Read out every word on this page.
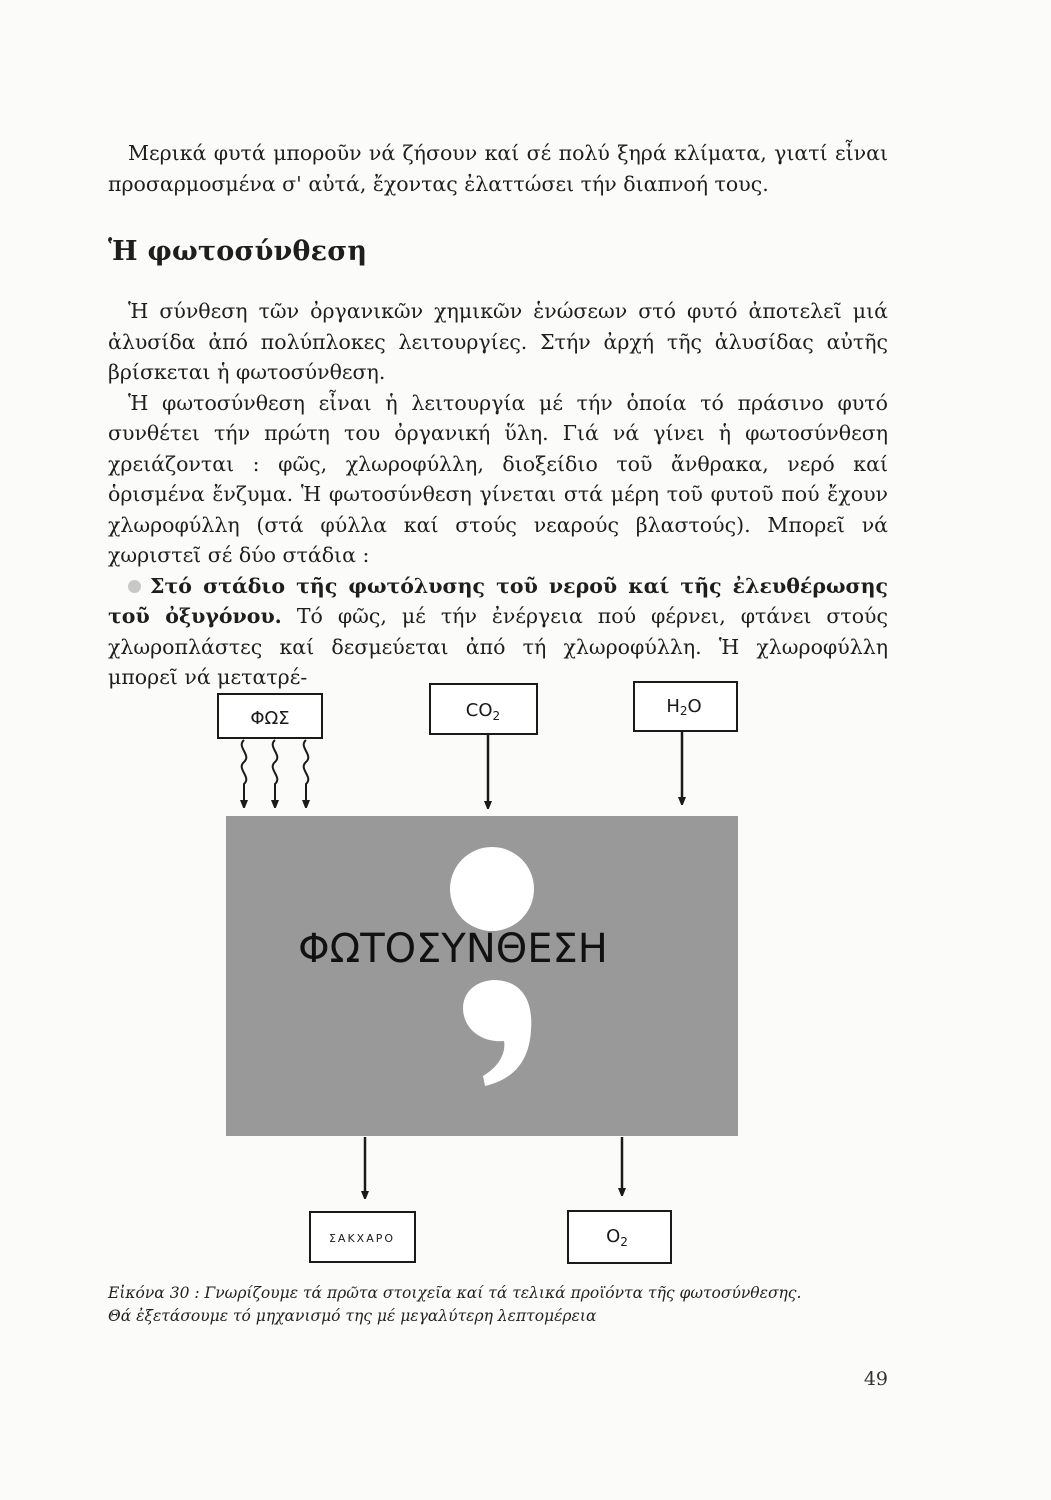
Μερικά φυτά μποροῦν νά ζήσουν καί σέ πολύ ξηρά κλίματα, γιατί εἶναι προσαρμοσμένα σ' αὐτά, ἔχοντας ἐλαττώσει τήν διαπνοή τους.

Ἡ φωτοσύνθεση

Ἡ σύνθεση τῶν ὀργανικῶν χημικῶν ἑνώσεων στό φυτό ἀποτελεῖ μιά ἁλυσίδα ἀπό πολύπλοκες λειτουργίες. Στήν ἀρχή τῆς ἁλυσίδας αὐτῆς βρίσκεται ἡ φωτοσύνθεση.

Ἡ φωτοσύνθεση εἶναι ἡ λειτουργία μέ τήν ὁποία τό πράσινο φυτό συνθέτει τήν πρώτη του ὀργανική ὕλη. Γιά νά γίνει ἡ φωτοσύνθεση χρειάζονται : φῶς, χλωροφύλλη, διοξείδιο τοῦ ἄνθρακα, νερό καί ὁρισμένα ἔνζυμα. Ἡ φωτοσύνθεση γίνεται στά μέρη τοῦ φυτοῦ πού ἔχουν χλωροφύλλη (στά φύλλα καί στούς νεαρούς βλαστούς). Μπορεῖ νά χωριστεῖ σέ δύο στάδια :

Στό στάδιο τῆς φωτόλυσης τοῦ νεροῦ καί τῆς ἐλευθέρωσης τοῦ ὀξυγόνου. Τό φῶς, μέ τήν ἐνέργεια πού φέρνει, φτάνει στούς χλωροπλάστες καί δεσμεύεται ἀπό τή χλωροφύλλη. Ἡ χλωροφύλλη μπορεῖ νά μετατρέ-

ΦΩΣ	$CO_2$	H2O
ΦΩΤΟΣΥΝΘΕΣΗ
ΣΑΚΧΑΡΟ	$O_2$
Εἰκόνα 30 : Γνωρίζουμε τά πρῶτα στοιχεῖα καί τά τελικά προϊόντα τῆς φωτοσύνθεσης.
Θά ἐξετάσουμε τό μηχανισμό της μέ μεγαλύτερη λεπτομέρεια
49
